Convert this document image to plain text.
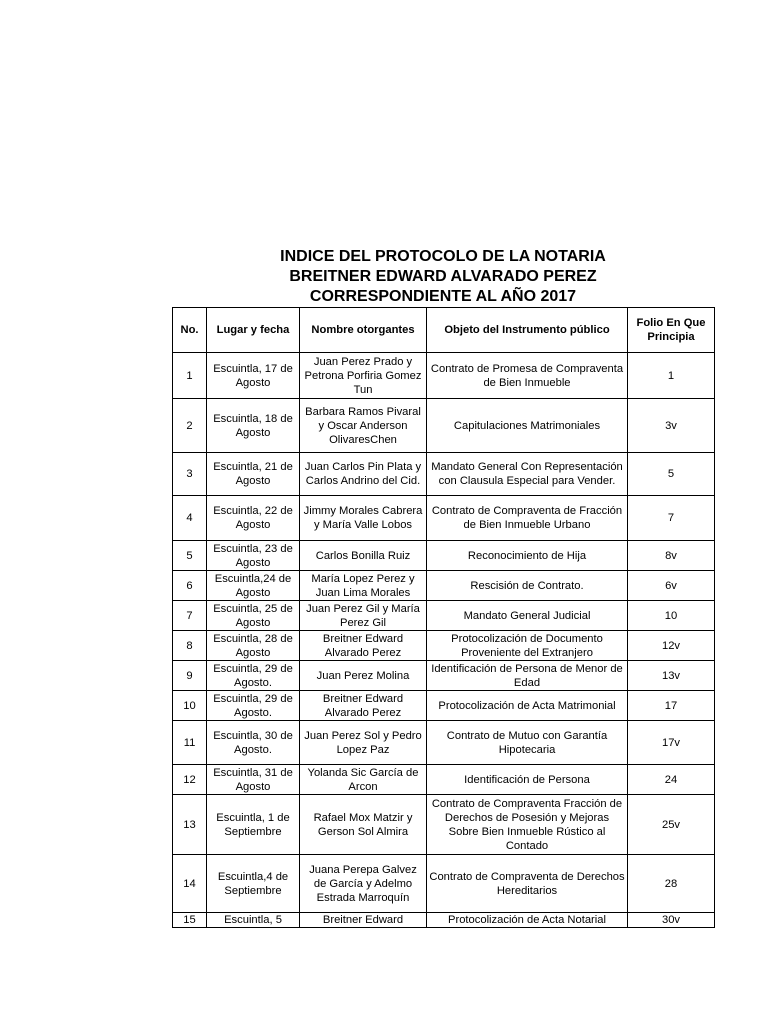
INDICE DEL PROTOCOLO DE LA NOTARIA
BREITNER EDWARD ALVARADO PEREZ
CORRESPONDIENTE AL AÑO 2017
No.	Lugar y fecha	Nombre otorgantes	Objeto del Instrumento público	Folio En Que Principia
1	Escuintla, 17 de Agosto	Juan Perez Prado y Petrona Porfiria Gomez Tun	Contrato de Promesa de Compraventa de Bien Inmueble	1
2	Escuintla, 18 de Agosto	Barbara Ramos Pivaral y Oscar Anderson OlivaresChen	Capitulaciones Matrimoniales	3v
3	Escuintla, 21 de Agosto	Juan Carlos Pin Plata y Carlos Andrino del Cid.	Mandato General Con Representación con Clausula Especial para Vender.	5
4	Escuintla, 22 de Agosto	Jimmy Morales Cabrera y María Valle Lobos	Contrato de Compraventa de Fracción de Bien Inmueble Urbano	7
5	Escuintla, 23 de Agosto	Carlos Bonilla Ruiz	Reconocimiento de Hija	8v
6	Escuintla,24 de Agosto	María Lopez Perez y Juan Lima Morales	Rescisión de Contrato.	6v
7	Escuintla, 25 de Agosto	Juan Perez Gil y María Perez Gil	Mandato General Judicial	10
8	Escuintla, 28 de Agosto	Breitner Edward Alvarado Perez	Protocolización de Documento Proveniente del Extranjero	12v
9	Escuintla, 29 de Agosto.	Juan Perez Molina	Identificación de Persona de Menor de Edad	13v
10	Escuintla, 29 de Agosto.	Breitner Edward Alvarado Perez	Protocolización de Acta Matrimonial	17
11	Escuintla, 30 de Agosto.	Juan Perez Sol y Pedro Lopez Paz	Contrato de Mutuo con Garantía Hipotecaria	17v
12	Escuintla, 31 de Agosto	Yolanda Sic García de Arcon	Identificación de Persona	24
13	Escuintla, 1 de Septiembre	Rafael Mox Matzir y Gerson Sol Almira	Contrato de Compraventa Fracción de Derechos de Posesión y Mejoras Sobre Bien Inmueble Rústico al Contado	25v
14	Escuintla,4 de Septiembre	Juana Perepa Galvez de García y Adelmo Estrada Marroquín	Contrato de Compraventa de Derechos Hereditarios	28
15	Escuintla, 5	Breitner Edward	Protocolización de Acta Notarial	30v
